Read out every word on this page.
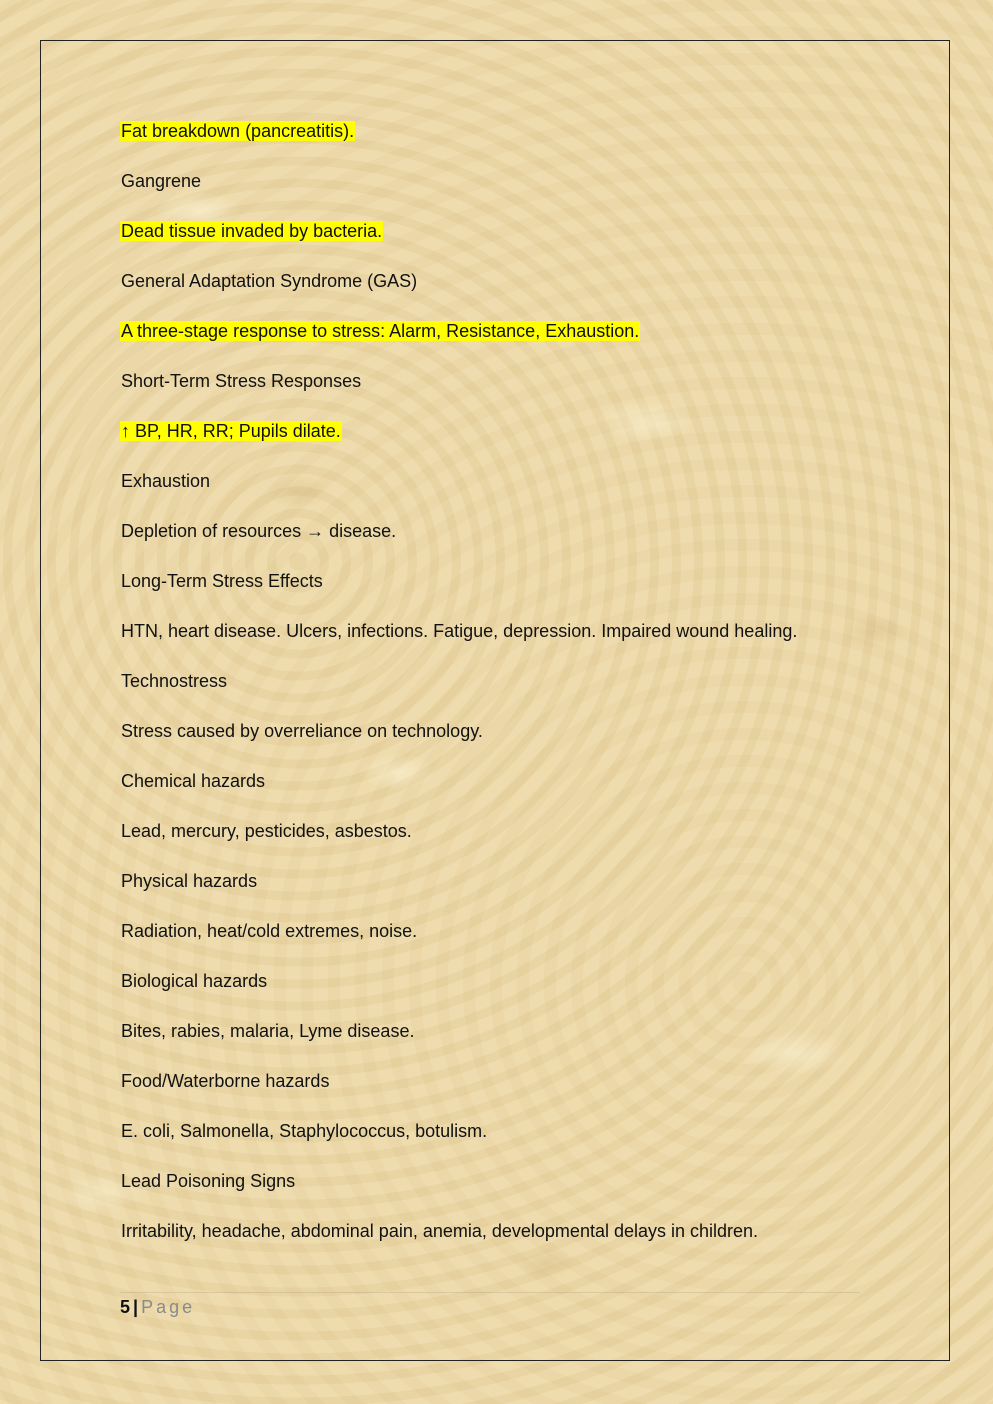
Fat breakdown (pancreatitis).
Gangrene
Dead tissue invaded by bacteria.
General Adaptation Syndrome (GAS)
A three-stage response to stress: Alarm, Resistance, Exhaustion.
Short-Term Stress Responses
↑ BP, HR, RR; Pupils dilate.
Exhaustion
Depletion of resources → disease.
Long-Term Stress Effects
HTN, heart disease. Ulcers, infections. Fatigue, depression. Impaired wound healing.
Technostress
Stress caused by overreliance on technology.
Chemical hazards
Lead, mercury, pesticides, asbestos.
Physical hazards
Radiation, heat/cold extremes, noise.
Biological hazards
Bites, rabies, malaria, Lyme disease.
Food/Waterborne hazards
E. coli, Salmonella, Staphylococcus, botulism.
Lead Poisoning Signs
Irritability, headache, abdominal pain, anemia, developmental delays in children.
5 | Page
